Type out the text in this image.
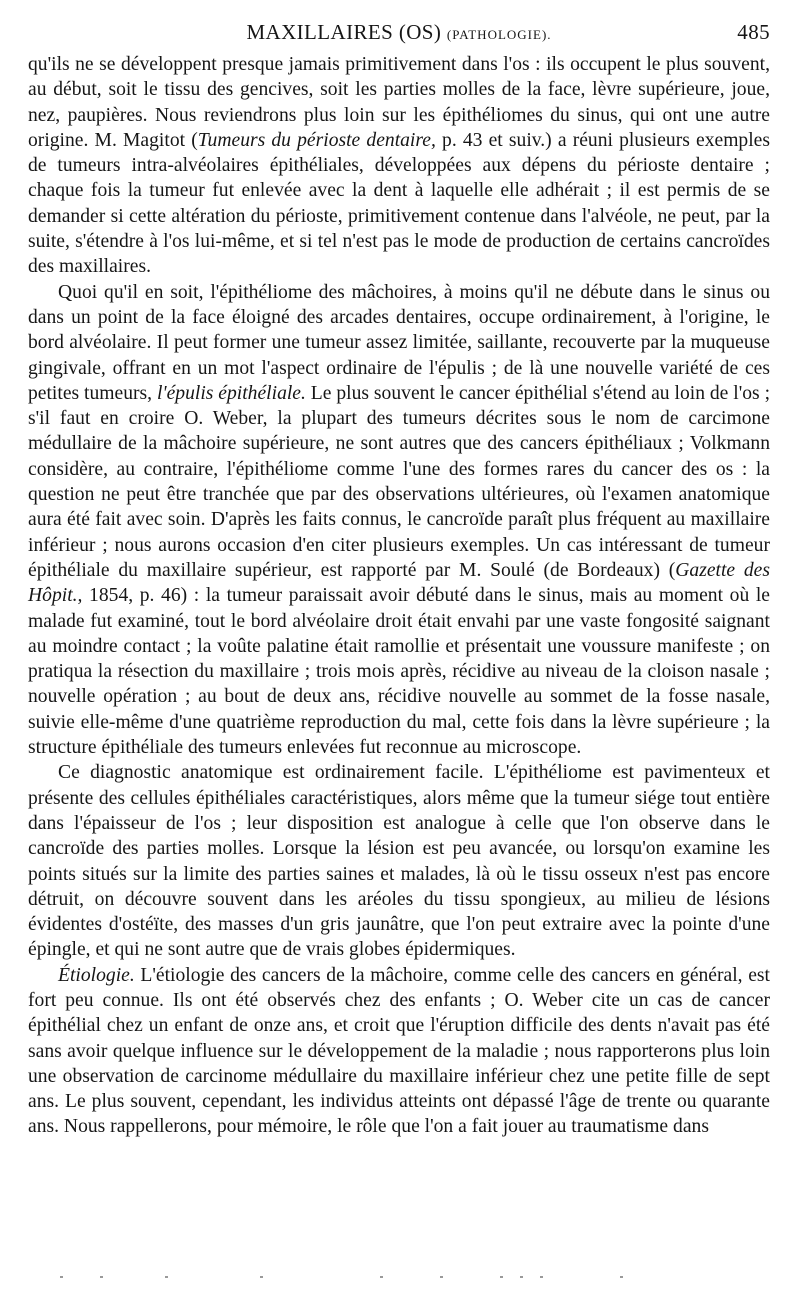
MAXILLAIRES (OS) (PATHOLOGIE).	485

qu'ils ne se développent presque jamais primitivement dans l'os : ils occupent le plus souvent, au début, soit le tissu des gencives, soit les parties molles de la face, lèvre supérieure, joue, nez, paupières. Nous reviendrons plus loin sur les épithéliomes du sinus, qui ont une autre origine. M. Magitot (Tumeurs du périoste dentaire, p. 43 et suiv.) a réuni plusieurs exemples de tumeurs intra-alvéolaires épithéliales, développées aux dépens du périoste dentaire ; chaque fois la tumeur fut enlevée avec la dent à laquelle elle adhérait ; il est permis de se demander si cette altération du périoste, primitivement contenue dans l'alvéole, ne peut, par la suite, s'étendre à l'os lui-même, et si tel n'est pas le mode de production de certains cancroïdes des maxillaires.

Quoi qu'il en soit, l'épithéliome des mâchoires, à moins qu'il ne débute dans le sinus ou dans un point de la face éloigné des arcades dentaires, occupe ordinairement, à l'origine, le bord alvéolaire. Il peut former une tumeur assez limitée, saillante, recouverte par la muqueuse gingivale, offrant en un mot l'aspect ordinaire de l'épulis ; de là une nouvelle variété de ces petites tumeurs, l'épulis épithéliale. Le plus souvent le cancer épithélial s'étend au loin de l'os ; s'il faut en croire O. Weber, la plupart des tumeurs décrites sous le nom de carcimone médullaire de la mâchoire supérieure, ne sont autres que des cancers épithéliaux ; Volkmann considère, au contraire, l'épithéliome comme l'une des formes rares du cancer des os : la question ne peut être tranchée que par des observations ultérieures, où l'examen anatomique aura été fait avec soin. D'après les faits connus, le cancroïde paraît plus fréquent au maxillaire inférieur ; nous aurons occasion d'en citer plusieurs exemples. Un cas intéressant de tumeur épithéliale du maxillaire supérieur, est rapporté par M. Soulé (de Bordeaux) (Gazette des Hôpit., 1854, p. 46) : la tumeur paraissait avoir débuté dans le sinus, mais au moment où le malade fut examiné, tout le bord alvéolaire droit était envahi par une vaste fongosité saignant au moindre contact ; la voûte palatine était ramollie et présentait une voussure manifeste ; on pratiqua la résection du maxillaire ; trois mois après, récidive au niveau de la cloison nasale ; nouvelle opération ; au bout de deux ans, récidive nouvelle au sommet de la fosse nasale, suivie elle-même d'une quatrième reproduction du mal, cette fois dans la lèvre supérieure ; la structure épithéliale des tumeurs enlevées fut reconnue au microscope.

Ce diagnostic anatomique est ordinairement facile. L'épithéliome est pavimenteux et présente des cellules épithéliales caractéristiques, alors même que la tumeur siége tout entière dans l'épaisseur de l'os ; leur disposition est analogue à celle que l'on observe dans le cancroïde des parties molles. Lorsque la lésion est peu avancée, ou lorsqu'on examine les points situés sur la limite des parties saines et malades, là où le tissu osseux n'est pas encore détruit, on découvre souvent dans les aréoles du tissu spongieux, au milieu de lésions évidentes d'ostéïte, des masses d'un gris jaunâtre, que l'on peut extraire avec la pointe d'une épingle, et qui ne sont autre que de vrais globes épidermiques.

Étiologie. L'étiologie des cancers de la mâchoire, comme celle des cancers en général, est fort peu connue. Ils ont été observés chez des enfants ; O. Weber cite un cas de cancer épithélial chez un enfant de onze ans, et croit que l'éruption difficile des dents n'avait pas été sans avoir quelque influence sur le développement de la maladie ; nous rapporterons plus loin une observation de carcinome médullaire du maxillaire inférieur chez une petite fille de sept ans. Le plus souvent, cependant, les individus atteints ont dépassé l'âge de trente ou quarante ans. Nous rappellerons, pour mémoire, le rôle que l'on a fait jouer au traumatisme dans
